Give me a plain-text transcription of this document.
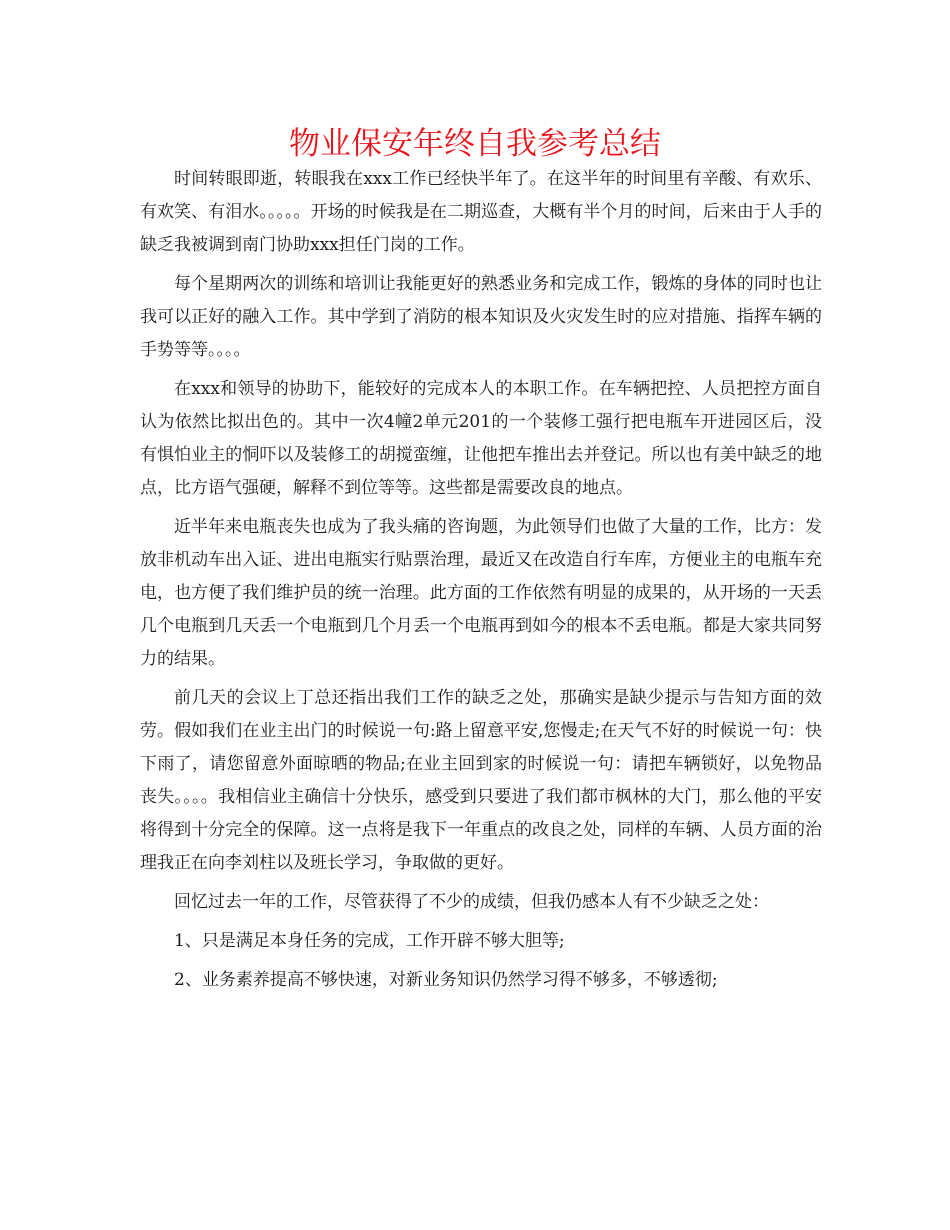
物业保安年终自我参考总结

时间转眼即逝，转眼我在xxx工作已经快半年了。在这半年的时间里有辛酸、有欢乐、有欢笑、有泪水。。。。。开场的时候我是在二期巡查，大概有半个月的时间，后来由于人手的缺乏我被调到南门协助xxx担任门岗的工作。

每个星期两次的训练和培训让我能更好的熟悉业务和完成工作，锻炼的身体的同时也让我可以正好的融入工作。其中学到了消防的根本知识及火灾发生时的应对措施、指挥车辆的手势等等。。。。

在xxx和领导的协助下，能较好的完成本人的本职工作。在车辆把控、人员把控方面自认为依然比拟出色的。其中一次4幢2单元201的一个装修工强行把电瓶车开进园区后，没有惧怕业主的恫吓以及装修工的胡搅蛮缠，让他把车推出去并登记。所以也有美中缺乏的地点，比方语气强硬，解释不到位等等。这些都是需要改良的地点。

近半年来电瓶丧失也成为了我头痛的咨询题，为此领导们也做了大量的工作，比方：发放非机动车出入证、进出电瓶实行贴票治理，最近又在改造自行车库，方便业主的电瓶车充电，也方便了我们维护员的统一治理。此方面的工作依然有明显的成果的，从开场的一天丢几个电瓶到几天丢一个电瓶到几个月丢一个电瓶再到如今的根本不丢电瓶。都是大家共同努力的结果。

前几天的会议上丁总还指出我们工作的缺乏之处，那确实是缺少提示与告知方面的效劳。假如我们在业主出门的时候说一句:路上留意平安,您慢走;在天气不好的时候说一句：快下雨了，请您留意外面晾晒的物品;在业主回到家的时候说一句：请把车辆锁好，以免物品丧失。。。。我相信业主确信十分快乐，感受到只要进了我们都市枫林的大门，那么他的平安将得到十分完全的保障。这一点将是我下一年重点的改良之处，同样的车辆、人员方面的治理我正在向李刘柱以及班长学习，争取做的更好。

回忆过去一年的工作，尽管获得了不少的成绩，但我仍感本人有不少缺乏之处：

1、只是满足本身任务的完成，工作开辟不够大胆等;

2、业务素养提高不够快速，对新业务知识仍然学习得不够多，不够透彻;
